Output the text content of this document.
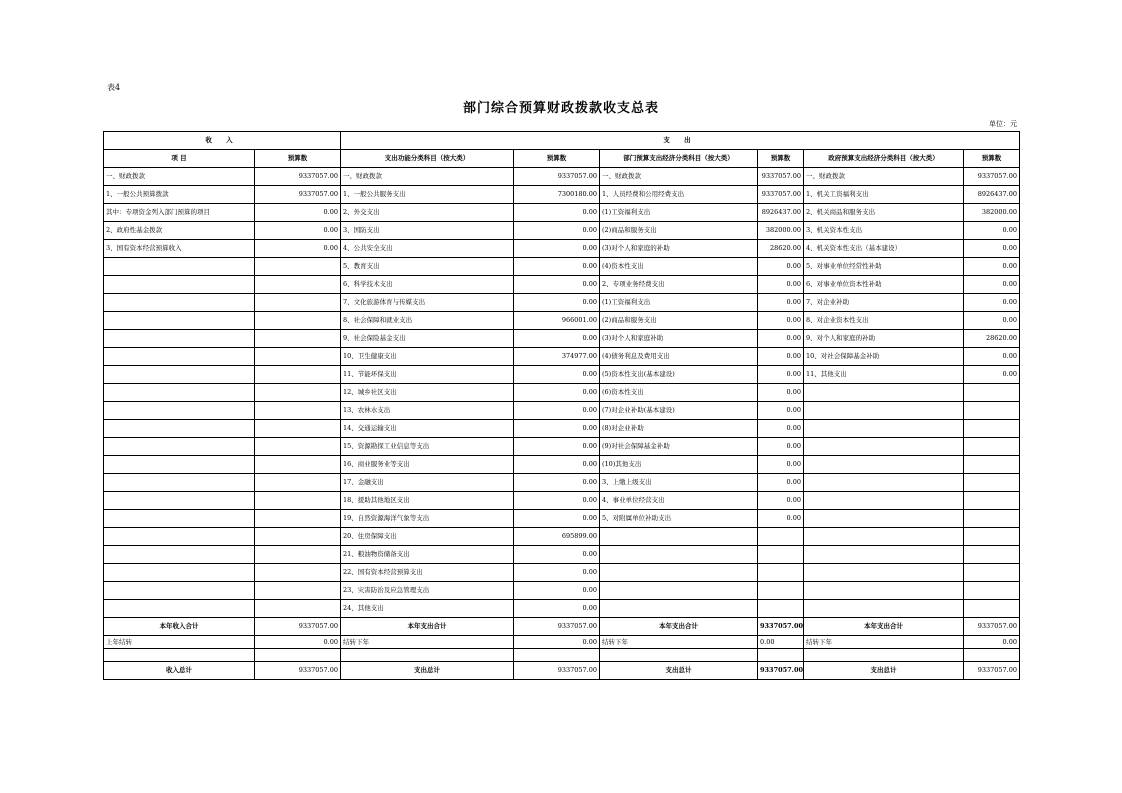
表4
部门综合预算财政拨款收支总表
单位：元
收 入		支 出					
项 目	预算数	支出功能分类科目（按大类）	预算数	部门预算支出经济分类科目（按大类）	预算数	政府预算支出经济分类科目（按大类）	预算数
一、财政拨款	9337057.00	一、财政拨款	9337057.00	一、财政拨款	9337057.00	一、财政拨款	9337057.00
1、一般公共预算拨款	9337057.00	1、一般公共服务支出	7300180.00	1、人员经费和公用经费支出	9337057.00	1、机关工资福利支出	8926437.00
其中：专项资金列入部门预算的项目	0.00	2、外交支出	0.00	(1)工资福利支出	8926437.00	2、机关商品和服务支出	382000.00
2、政府性基金拨款	0.00	3、国防支出	0.00	(2)商品和服务支出	382000.00	3、机关资本性支出	0.00
3、国有资本经营预算收入	0.00	4、公共安全支出	0.00	(3)对个人和家庭的补助	28620.00	4、机关资本性支出（基本建设）	0.00
		5、教育支出	0.00	(4)资本性支出	0.00	5、对事业单位经常性补助	0.00
		6、科学技术支出	0.00	2、专项业务经费支出	0.00	6、对事业单位资本性补助	0.00
		7、文化旅游体育与传媒支出	0.00	(1)工资福利支出	0.00	7、对企业补助	0.00
		8、社会保障和就业支出	966001.00	(2)商品和服务支出	0.00	8、对企业资本性支出	0.00
		9、社会保险基金支出	0.00	(3)对个人和家庭补助	0.00	9、对个人和家庭的补助	28620.00
		10、卫生健康支出	374977.00	(4)债务利息及费用支出	0.00	10、对社会保障基金补助	0.00
		11、节能环保支出	0.00	(5)资本性支出(基本建设)	0.00	11、其他支出	0.00
		12、城乡社区支出	0.00	(6)资本性支出	0.00		
		13、农林水支出	0.00	(7)对企业补助(基本建设)	0.00		
		14、交通运输支出	0.00	(8)对企业补助	0.00		
		15、资源勘探工业信息等支出	0.00	(9)对社会保障基金补助	0.00		
		16、商业服务业等支出	0.00	(10)其他支出	0.00		
		17、金融支出	0.00	3、上缴上级支出	0.00		
		18、援助其他地区支出	0.00	4、事业单位经营支出	0.00		
		19、自然资源海洋气象等支出	0.00	5、对附属单位补助支出	0.00		
		20、住房保障支出	695899.00				
		21、粮油物资储备支出	0.00				
		22、国有资本经营预算支出	0.00				
		23、灾害防治及应急管理支出	0.00				
		24、其他支出	0.00				
本年收入合计	9337057.00	本年支出合计	9337057.00	本年支出合计	9337057.00	本年支出合计	9337057.00
上年结转	0.00	结转下年	0.00	结转下年	0.00	结转下年	0.00

收入总计	9337057.00	支出总计	9337057.00	支出总计	9337057.00	支出总计	9337057.00
